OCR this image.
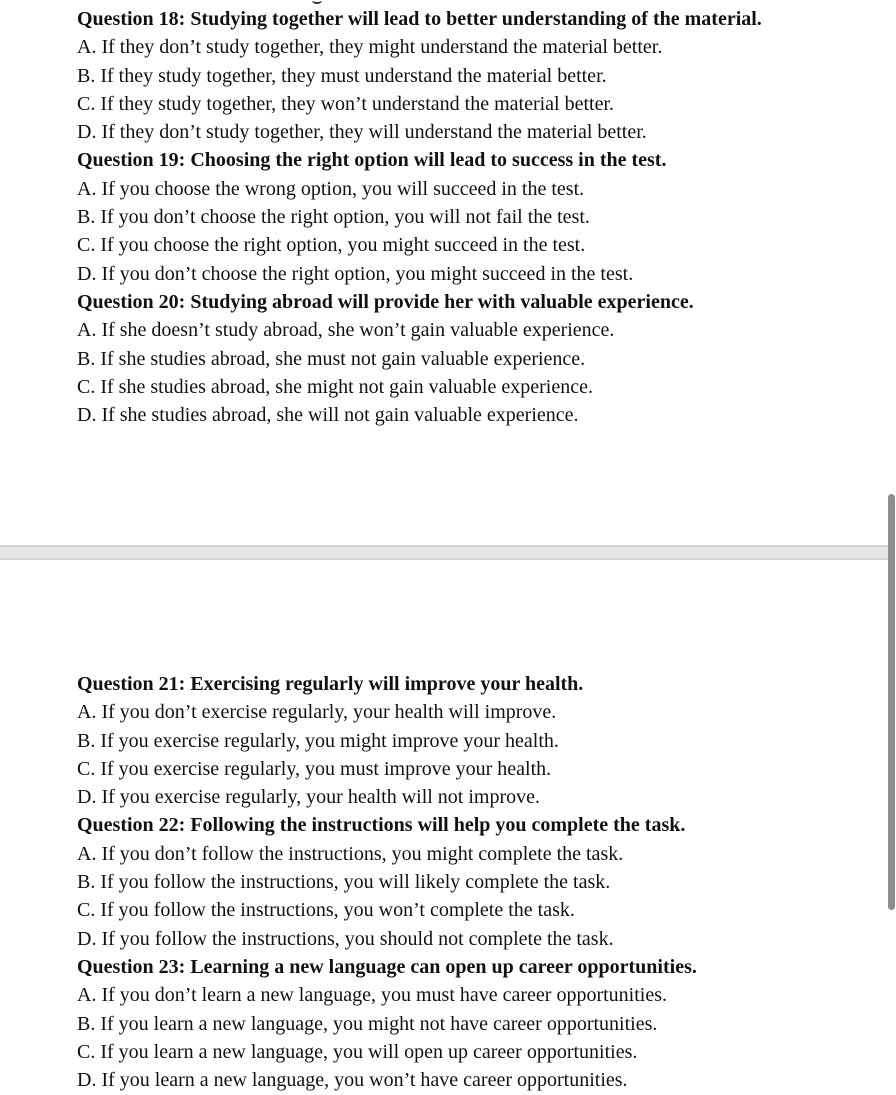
Question 18: Studying together will lead to better understanding of the material.
A. If they don’t study together, they might understand the material better.
B. If they study together, they must understand the material better.
C. If they study together, they won’t understand the material better.
D. If they don’t study together, they will understand the material better.
Question 19: Choosing the right option will lead to success in the test.
A. If you choose the wrong option, you will succeed in the test.
B. If you don’t choose the right option, you will not fail the test.
C. If you choose the right option, you might succeed in the test.
D. If you don’t choose the right option, you might succeed in the test.
Question 20: Studying abroad will provide her with valuable experience.
A. If she doesn’t study abroad, she won’t gain valuable experience.
B. If she studies abroad, she must not gain valuable experience.
C. If she studies abroad, she might not gain valuable experience.
D. If she studies abroad, she will not gain valuable experience.
Question 21: Exercising regularly will improve your health.
A. If you don’t exercise regularly, your health will improve.
B. If you exercise regularly, you might improve your health.
C. If you exercise regularly, you must improve your health.
D. If you exercise regularly, your health will not improve.
Question 22: Following the instructions will help you complete the task.
A. If you don’t follow the instructions, you might complete the task.
B. If you follow the instructions, you will likely complete the task.
C. If you follow the instructions, you won’t complete the task.
D. If you follow the instructions, you should not complete the task.
Question 23: Learning a new language can open up career opportunities.
A. If you don’t learn a new language, you must have career opportunities.
B. If you learn a new language, you might not have career opportunities.
C. If you learn a new language, you will open up career opportunities.
D. If you learn a new language, you won’t have career opportunities.
